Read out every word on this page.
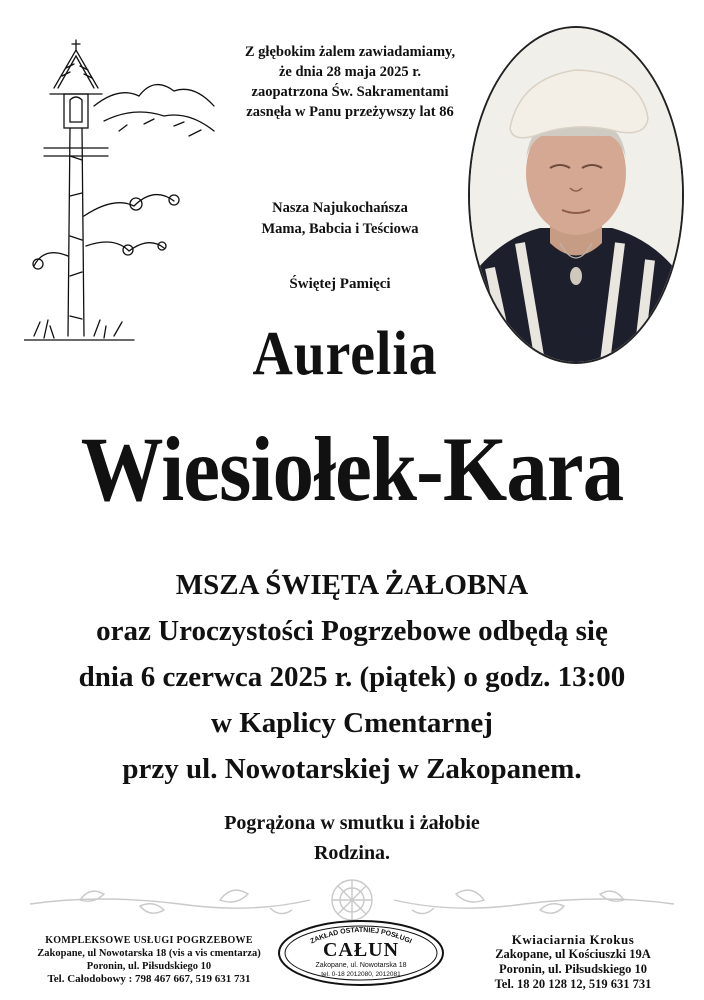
Z głębokim żalem zawiadamiamy,
że dnia 28 maja 2025 r.
zaopatrzona Św. Sakramentami
zasnęła w Panu przeżywszy lat 86
Nasza Najukochańsza
Mama, Babcia i Teściowa
Świętej Pamięci
Aurelia
Wiesiołek-Kara
MSZA ŚWIĘTA ŻAŁOBNA
oraz Uroczystości Pogrzebowe odbędą się
dnia 6 czerwca 2025 r. (piątek) o godz. 13:00
w Kaplicy Cmentarnej
przy ul. Nowotarskiej w Zakopanem.
Pogrążona w smutku i żałobie
Rodzina.
KOMPLEKSOWE USŁUGI POGRZEBOWE
Zakopane, ul Nowotarska 18 (vis a vis cmentarza)
Poronin, ul. Piłsudskiego 10
Tel. Całodobowy : 798 467 667, 519 631 731
ZAKŁAD OSTATNIEJ POSŁUGI
CAŁUN
Zakopane, ul. Nowotarska 18
tel. 0-18 2012080, 2012081
Kwiaciarnia Krokus
Zakopane, ul Kościuszki 19A
Poronin, ul. Piłsudskiego 10
Tel. 18 20 128 12, 519 631 731
